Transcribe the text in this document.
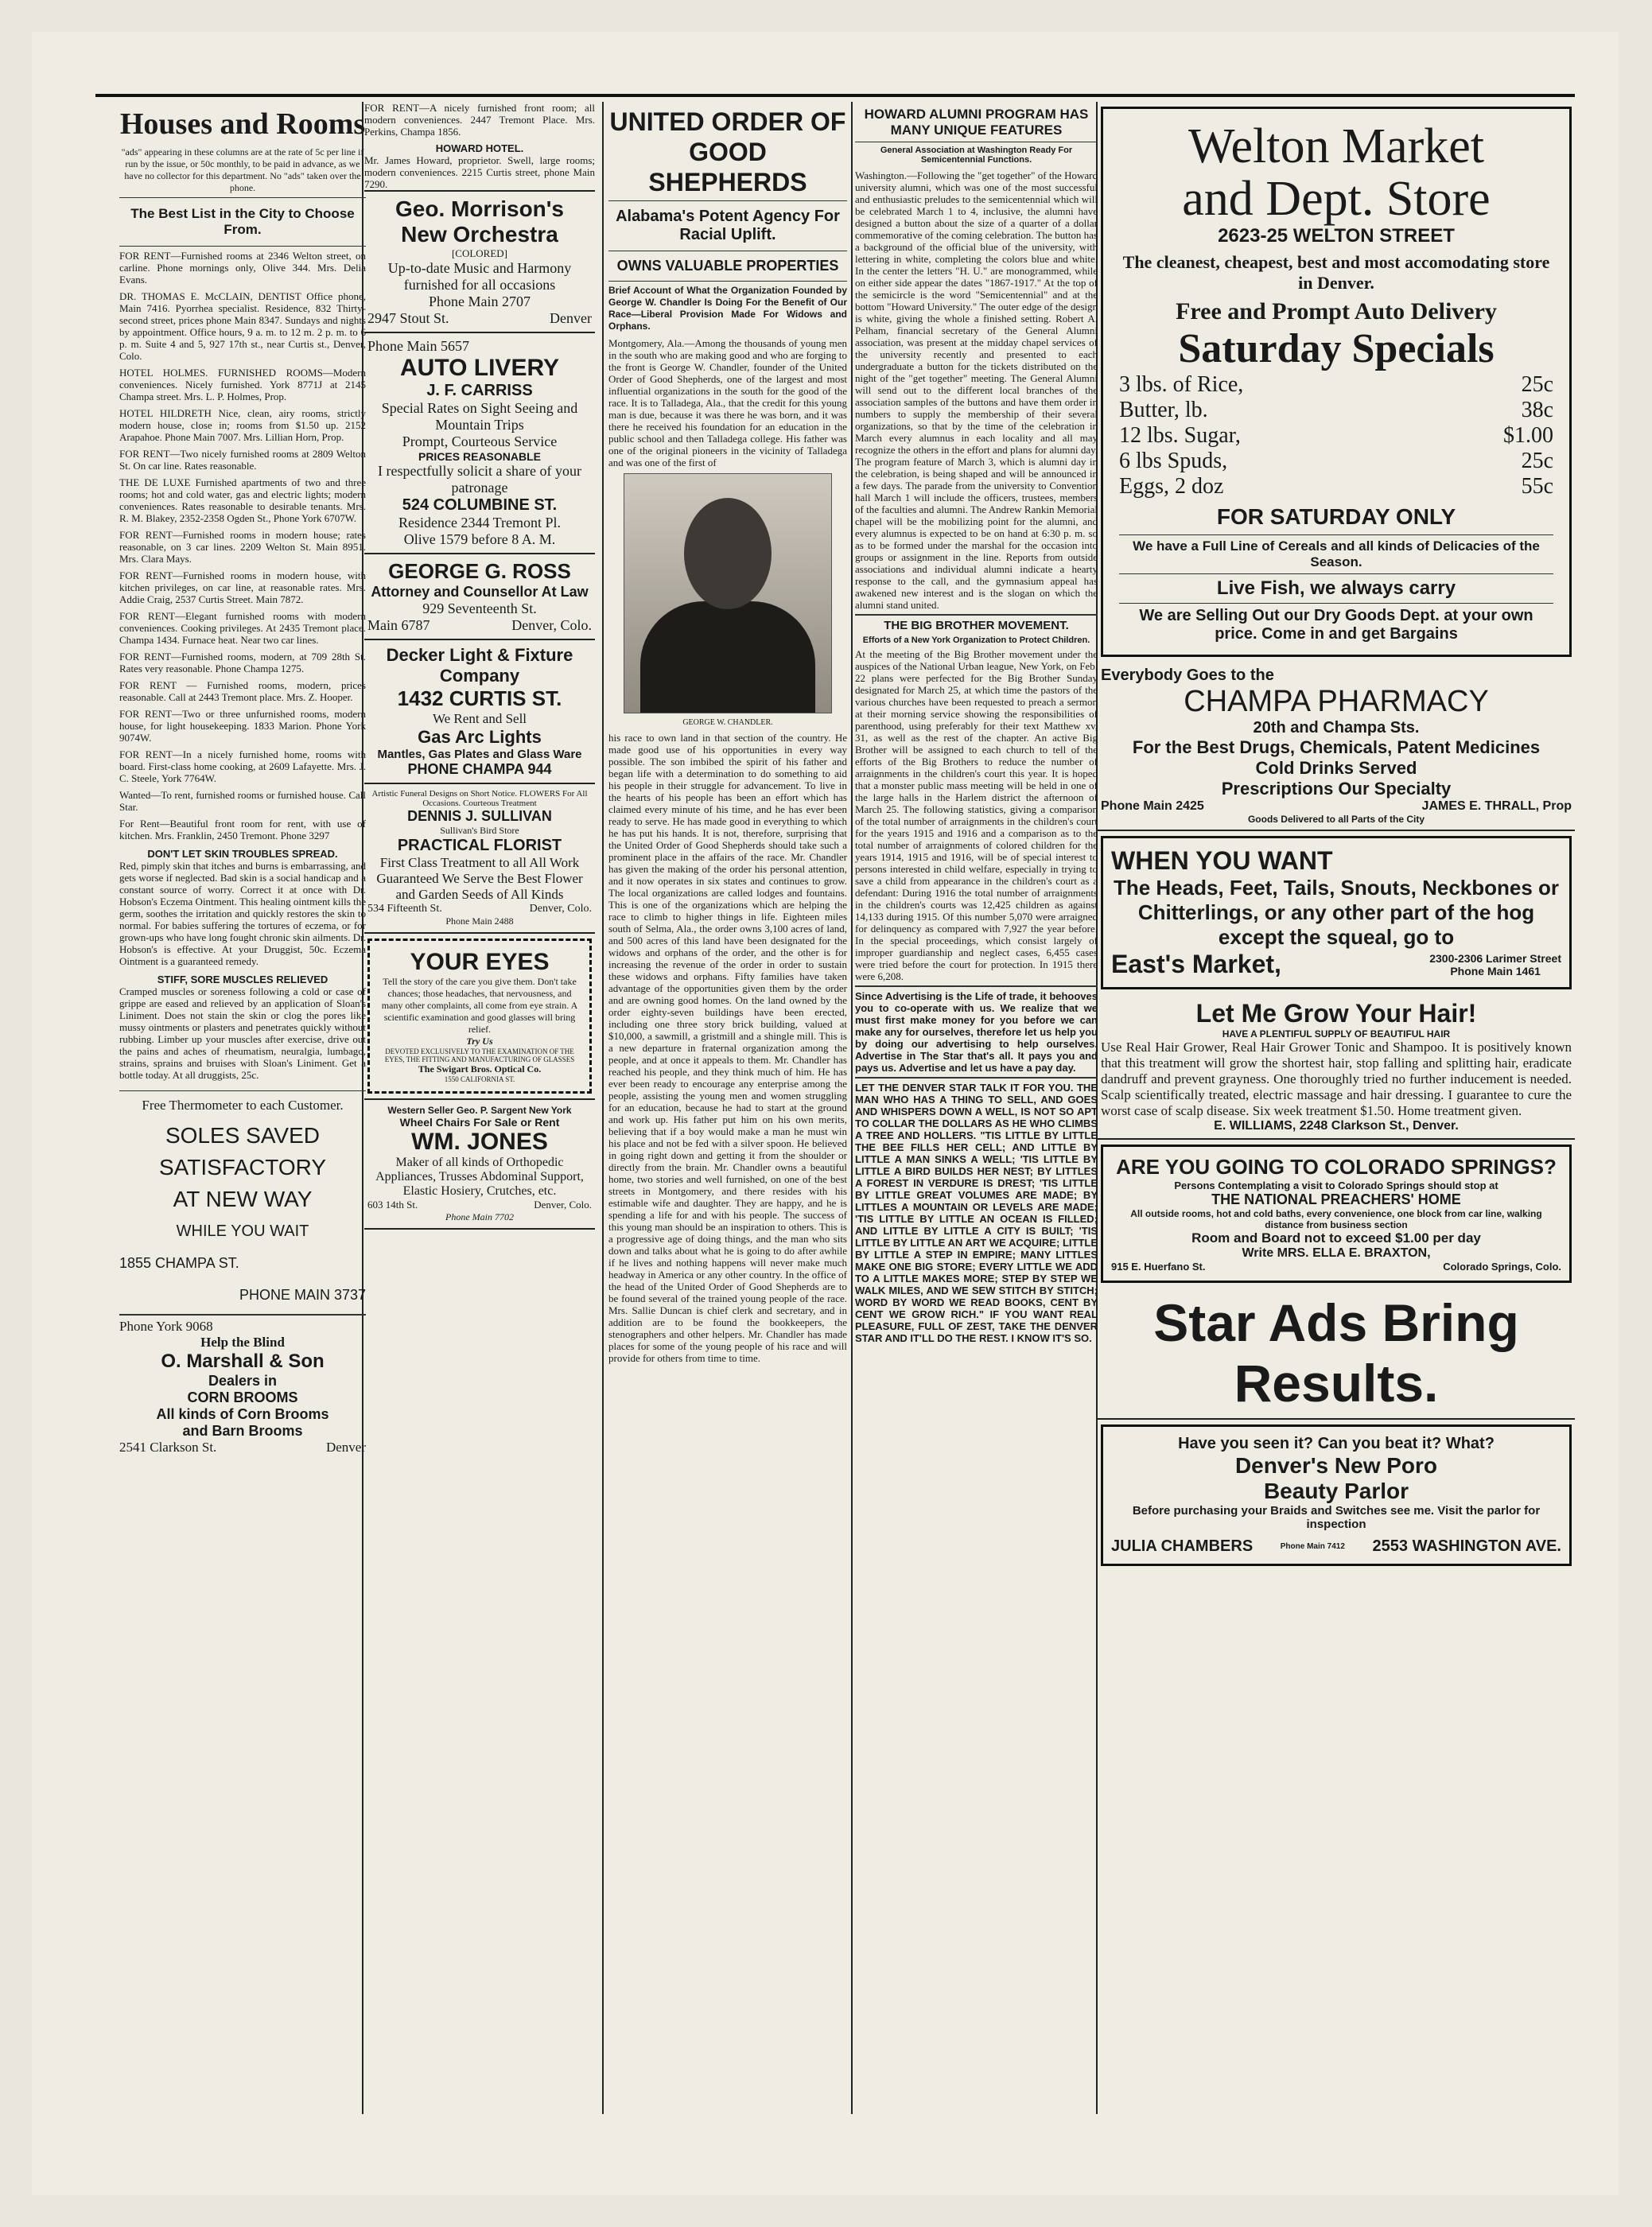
Houses and Rooms
"ads" appearing in these columns are at the rate of 5c per line if run by the issue, or 50c monthly, to be paid in advance, as we have no collector for this department. No "ads" taken over the phone.
The Best List in the City to Choose From.
FOR RENT—Furnished rooms at 2346 Welton street, on carline. Phone mornings only, Olive 344. Mrs. Delia Evans.
DR. THOMAS E. McCLAIN, DENTIST Office phone, Main 7416. Pyorrhea specialist. Residence, 832 Thirty-second street, prices phone Main 8347. Sundays and nights by appointment. Office hours, 9 a. m. to 12 m. 2 p. m. to 6 p. m. Suite 4 and 5, 927 17th st., near Curtis st., Denver, Colo.
HOTEL HOLMES. FURNISHED ROOMS—Modern conveniences. Nicely furnished. York 8771J at 2145 Champa street. Mrs. L. P. Holmes, Prop.
HOTEL HILDRETH Nice, clean, airy rooms, strictly modern house, close in; rooms from $1.50 up. 2152 Arapahoe. Phone Main 7007. Mrs. Lillian Horn, Prop.
FOR RENT—Two nicely furnished rooms at 2809 Welton St. On car line. Rates reasonable.
THE DE LUXE Furnished apartments of two and three rooms; hot and cold water, gas and electric lights; modern conveniences. Rates reasonable to desirable tenants. Mrs. R. M. Blakey, 2352-2358 Ogden St., Phone York 6707W.
FOR RENT—Furnished rooms in modern house; rates reasonable, on 3 car lines. 2209 Welton St. Main 8951. Mrs. Clara Mays.
FOR RENT—Furnished rooms in modern house, with kitchen privileges, on car line, at reasonable rates. Mrs. Addie Craig, 2537 Curtis Street. Main 7872.
FOR RENT—Elegant furnished rooms with modern conveniences. Cooking privileges. At 2435 Tremont place. Champa 1434. Furnace heat. Near two car lines.
FOR RENT—Furnished rooms, modern, at 709 28th St. Rates very reasonable. Phone Champa 1275.
FOR RENT — Furnished rooms, modern, prices reasonable. Call at 2443 Tremont place. Mrs. Z. Hooper.
FOR RENT—Two or three unfurnished rooms, modern house, for light housekeeping. 1833 Marion. Phone York 9074W.
FOR RENT—In a nicely furnished home, rooms with board. First-class home cooking, at 2609 Lafayette. Mrs. J. C. Steele, York 7764W.
Wanted—To rent, furnished rooms or furnished house. Call Star.
For Rent—Beautiful front room for rent, with use of kitchen. Mrs. Franklin, 2450 Tremont. Phone 3297
DON'T LET SKIN TROUBLES SPREAD.
Red, pimply skin that itches and burns is embarrassing, and gets worse if neglected. Bad skin is a social handicap and a constant source of worry. Correct it at once with Dr. Hobson's Eczema Ointment. This healing ointment kills the germ, soothes the irritation and quickly restores the skin to normal. For babies suffering the tortures of eczema, or for grown-ups who have long fought chronic skin ailments. Dr. Hobson's is effective. At your Druggist, 50c. Eczema Ointment is a guaranteed remedy.
STIFF, SORE MUSCLES RELIEVED
Cramped muscles or soreness following a cold or case of grippe are eased and relieved by an application of Sloan's Liniment. Does not stain the skin or clog the pores like mussy ointments or plasters and penetrates quickly without rubbing. Limber up your muscles after exercise, drive out the pains and aches of rheumatism, neuralgia, lumbago, strains, sprains and bruises with Sloan's Liniment. Get a bottle today. At all druggists, 25c.
Free Thermometer to each Customer.
SOLES SAVED
SATISFACTORY
AT NEW WAY
WHILE YOU WAIT
1855 CHAMPA ST.
PHONE MAIN 3737
Phone York 9068
Help the Blind
O. Marshall & Son
Dealers in
CORN BROOMS
All kinds of Corn Brooms
and Barn Brooms
2541 Clarkson St.	Denver
FOR RENT—A nicely furnished front room; all modern conveniences. 2447 Tremont Place. Mrs. Perkins, Champa 1856.
HOWARD HOTEL.
Mr. James Howard, proprietor. Swell, large rooms; modern conveniences. 2215 Curtis street, phone Main 7290.
Geo. Morrison's
New Orchestra
[COLORED]
Up-to-date Music and Harmony furnished for all occasions
Phone Main 2707
2947 Stout St.	Denver
Phone Main 5657
AUTO LIVERY
J. F. CARRISS
Special Rates on Sight Seeing and Mountain Trips
Prompt, Courteous Service
PRICES REASONABLE
I respectfully solicit a share of your patronage
524 COLUMBINE ST.
Residence 2344 Tremont Pl.
Olive 1579 before 8 A. M.
GEORGE G. ROSS
Attorney and Counsellor At Law
929 Seventeenth St.
Main 6787	Denver, Colo.
Decker Light & Fixture Company
1432 CURTIS ST.
We Rent and Sell
Gas Arc Lights
Mantles, Gas Plates and Glass Ware
PHONE CHAMPA 944
Artistic Funeral Designs on Short Notice. FLOWERS For All Occasions. Courteous Treatment
DENNIS J. SULLIVAN
Sullivan's Bird Store
PRACTICAL FLORIST
First Class Treatment to all All Work Guaranteed We Serve the Best Flower and Garden Seeds of All Kinds
534 Fifteenth St.	Denver, Colo.
Phone Main 2488
YOUR EYES
Tell the story of the care you give them. Don't take chances; those headaches, that nervousness, and many other complaints, all come from eye strain. A scientific examination and good glasses will bring relief.
Try Us
DEVOTED EXCLUSIVELY TO THE EXAMINATION OF THE EYES, THE FITTING AND MANUFACTURING OF GLASSES
The Swigart Bros. Optical Co.
1550 CALIFORNIA ST.
Western Seller Geo. P. Sargent New York
Wheel Chairs For Sale or Rent
WM. JONES
Maker of all kinds of Orthopedic Appliances, Trusses Abdominal Support, Elastic Hosiery, Crutches, etc.
603 14th St.	Denver, Colo.
Phone Main 7702
UNITED ORDER OF GOOD SHEPHERDS
Alabama's Potent Agency For Racial Uplift.
OWNS VALUABLE PROPERTIES
Brief Account of What the Organization Founded by George W. Chandler Is Doing For the Benefit of Our Race—Liberal Provision Made For Widows and Orphans.
Montgomery, Ala.—Among the thousands of young men in the south who are making good and who are forging to the front is George W. Chandler, founder of the United Order of Good Shepherds, one of the largest and most influential organizations in the south for the good of the race. It is to Talladega, Ala., that the credit for this young man is due, because it was there he was born, and it was there he received his foundation for an education in the public school and then Talladega college. His father was one of the original pioneers in the vicinity of Talladega and was one of the first of
GEORGE W. CHANDLER.
his race to own land in that section of the country. He made good use of his opportunities in every way possible. The son imbibed the spirit of his father and began life with a determination to do something to aid his people in their struggle for advancement. To live in the hearts of his people has been an effort which has claimed every minute of his time, and he has ever been ready to serve. He has made good in everything to which he has put his hands. It is not, therefore, surprising that the United Order of Good Shepherds should take such a prominent place in the affairs of the race. Mr. Chandler has given the making of the order his personal attention, and it now operates in six states and continues to grow. The local organizations are called lodges and fountains. This is one of the organizations which are helping the race to climb to higher things in life. Eighteen miles south of Selma, Ala., the order owns 3,100 acres of land, and 500 acres of this land have been designated for the widows and orphans of the order, and the other is for increasing the revenue of the order in order to sustain these widows and orphans. Fifty families have taken advantage of the opportunities given them by the order and are owning good homes. On the land owned by the order eighty-seven buildings have been erected, including one three story brick building, valued at $10,000, a sawmill, a gristmill and a shingle mill. This is a new departure in fraternal organization among the people, and at once it appeals to them. Mr. Chandler has reached his people, and they think much of him. He has ever been ready to encourage any enterprise among the people, assisting the young men and women struggling for an education, because he had to start at the ground and work up. His father put him on his own merits, believing that if a boy would make a man he must win his place and not be fed with a silver spoon. He believed in going right down and getting it from the shoulder or directly from the brain. Mr. Chandler owns a beautiful home, two stories and well furnished, on one of the best streets in Montgomery, and there resides with his estimable wife and daughter. They are happy, and he is spending a life for and with his people. The success of this young man should be an inspiration to others. This is a progressive age of doing things, and the man who sits down and talks about what he is going to do after awhile if he lives and nothing happens will never make much headway in America or any other country. In the office of the head of the United Order of Good Shepherds are to be found several of the trained young people of the race. Mrs. Sallie Duncan is chief clerk and secretary, and in addition are to be found the bookkeepers, the stenographers and other helpers. Mr. Chandler has made places for some of the young people of his race and will provide for others from time to time.
HOWARD ALUMNI PROGRAM HAS MANY UNIQUE FEATURES
General Association at Washington Ready For Semicentennial Functions.
Washington.—Following the "get together" of the Howard university alumni, which was one of the most successful and enthusiastic preludes to the semicentennial which will be celebrated March 1 to 4, inclusive, the alumni have designed a button about the size of a quarter of a dollar commemorative of the coming celebration. The button has a background of the official blue of the university, with lettering in white, completing the colors blue and white. In the center the letters "H. U." are monogrammed, while on either side appear the dates "1867-1917." At the top of the semicircle is the word "Semicentennial" and at the bottom "Howard University." The outer edge of the design is white, giving the whole a finished setting. Robert A. Pelham, financial secretary of the General Alumni association, was present at the midday chapel services of the university recently and presented to each undergraduate a button for the tickets distributed on the night of the "get together" meeting. The General Alumni will send out to the different local branches of the association samples of the buttons and have them order in numbers to supply the membership of their several organizations, so that by the time of the celebration in March every alumnus in each locality and all may recognize the others in the effort and plans for alumni day. The program feature of March 3, which is alumni day in the celebration, is being shaped and will be announced in a few days. The parade from the university to Convention hall March 1 will include the officers, trustees, members of the faculties and alumni. The Andrew Rankin Memorial chapel will be the mobilizing point for the alumni, and every alumnus is expected to be on hand at 6:30 p. m. so as to be formed under the marshal for the occasion into groups or assignment in the line. Reports from outside associations and individual alumni indicate a hearty response to the call, and the gymnasium appeal has awakened new interest and is the slogan on which the alumni stand united.
THE BIG BROTHER MOVEMENT.
Efforts of a New York Organization to Protect Children.
At the meeting of the Big Brother movement under the auspices of the National Urban league, New York, on Feb. 22 plans were perfected for the Big Brother Sunday designated for March 25, at which time the pastors of the various churches have been requested to preach a sermon at their morning service showing the responsibilities of parenthood, using preferably for their text Matthew xv, 31, as well as the rest of the chapter. An active Big Brother will be assigned to each church to tell of the efforts of the Big Brothers to reduce the number of arraignments in the children's court this year. It is hoped that a monster public mass meeting will be held in one of the large halls in the Harlem district the afternoon of March 25. The following statistics, giving a comparison of the total number of arraignments in the children's court for the years 1915 and 1916 and a comparison as to the total number of arraignments of colored children for the years 1914, 1915 and 1916, will be of special interest to persons interested in child welfare, especially in trying to save a child from appearance in the children's court as a defendant: During 1916 the total number of arraignments in the children's courts was 12,425 children as against 14,133 during 1915. Of this number 5,070 were arraigned for delinquency as compared with 7,927 the year before. In the special proceedings, which consist largely of improper guardianship and neglect cases, 6,455 cases were tried before the court for protection. In 1915 there were 6,208.
Since Advertising is the Life of trade, it behooves you to co-operate with us. We realize that we must first make money for you before we can make any for ourselves, therefore let us help you by doing our advertising to help ourselves. Advertise in The Star that's all. It pays you and pays us. Advertise and let us have a pay day.
LET THE DENVER STAR TALK IT FOR YOU. THE MAN WHO HAS A THING TO SELL, AND GOES AND WHISPERS DOWN A WELL, IS NOT SO APT TO COLLAR THE DOLLARS AS HE WHO CLIMBS A TREE AND HOLLERS. "TIS LITTLE BY LITTLE THE BEE FILLS HER CELL; AND LITTLE BY LITTLE A MAN SINKS A WELL; 'TIS LITTLE BY LITTLE A BIRD BUILDS HER NEST; BY LITTLES A FOREST IN VERDURE IS DREST; 'TIS LITTLE BY LITTLE GREAT VOLUMES ARE MADE; BY LITTLES A MOUNTAIN OR LEVELS ARE MADE; 'TIS LITTLE BY LITTLE AN OCEAN IS FILLED; AND LITTLE BY LITTLE A CITY IS BUILT; 'TIS LITTLE BY LITTLE AN ART WE ACQUIRE; LITTLE BY LITTLE A STEP IN EMPIRE; MANY LITTLES MAKE ONE BIG STORE; EVERY LITTLE WE ADD TO A LITTLE MAKES MORE; STEP BY STEP WE WALK MILES, AND WE SEW STITCH BY STITCH; WORD BY WORD WE READ BOOKS, CENT BY CENT WE GROW RICH." IF YOU WANT REAL PLEASURE, FULL OF ZEST, TAKE THE DENVER STAR AND IT'LL DO THE REST. I KNOW IT'S SO.
Welton Market
and Dept. Store
2623-25 WELTON STREET
The cleanest, cheapest, best and most accomodating store in Denver.
Free and Prompt Auto Delivery
Saturday Specials
3 lbs. of Rice,	25c
Butter, lb.	38c
12 lbs. Sugar,	$1.00
6 lbs Spuds,	25c
Eggs, 2 doz	55c
FOR SATURDAY ONLY
We have a Full Line of Cereals and all kinds of Delicacies of the Season.
Live Fish, we always carry
We are Selling Out our Dry Goods Dept. at your own price. Come in and get Bargains
Everybody Goes to the
CHAMPA PHARMACY
20th and Champa Sts.
For the Best Drugs, Chemicals, Patent Medicines
Cold Drinks Served
Prescriptions Our Specialty
Phone Main 2425	JAMES E. THRALL, Prop
Goods Delivered to all Parts of the City
WHEN YOU WANT
The Heads, Feet, Tails, Snouts, Neckbones or Chitterlings, or any other part of the hog except the squeal, go to
East's Market,	2300-2306 Larimer Street
Phone Main 1461
Let Me Grow Your Hair!
HAVE A PLENTIFUL SUPPLY OF BEAUTIFUL HAIR
Use Real Hair Grower, Real Hair Grower Tonic and Shampoo. It is positively known that this treatment will grow the shortest hair, stop falling and splitting hair, eradicate dandruff and prevent grayness. One thoroughly tried no further inducement is needed. Scalp scientifically treated, electric massage and hair dressing. I guarantee to cure the worst case of scalp disease. Six week treatment $1.50. Home treatment given.
E. WILLIAMS, 2248 Clarkson St., Denver.
ARE YOU GOING TO COLORADO SPRINGS?
Persons Contemplating a visit to Colorado Springs should stop at
THE NATIONAL PREACHERS' HOME
All outside rooms, hot and cold baths, every convenience, one block from car line, walking distance from business section
Room and Board not to exceed $1.00 per day
Write MRS. ELLA E. BRAXTON,
915 E. Huerfano St.	Colorado Springs, Colo.
Star Ads Bring
Results.
Have you seen it? Can you beat it? What?
Denver's New Poro
Beauty Parlor
Before purchasing your Braids and Switches see me. Visit the parlor for inspection
JULIA CHAMBERS	Phone Main 7412 2553 WASHINGTON AVE.
